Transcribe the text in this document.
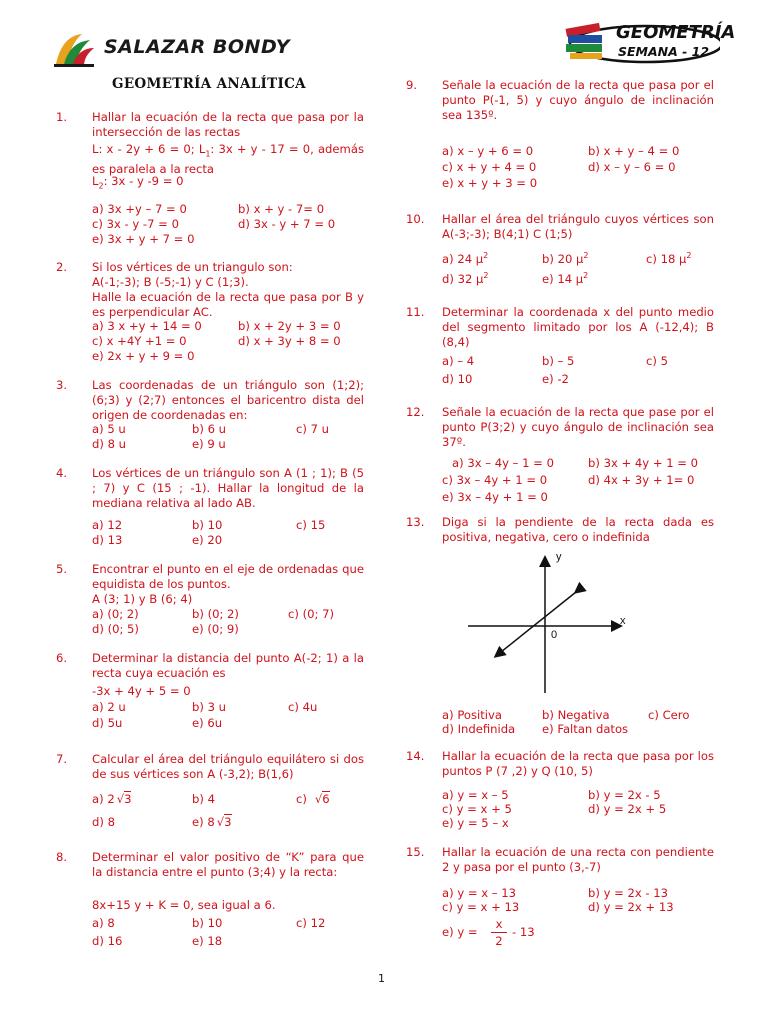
SALAZAR BONDY
GEOMETRÍA
SEMANA - 12
GEOMETRÍA ANALÍTICA
1. Hallar la ecuación de la recta que pasa por la intersección de las rectas
L: x - 2y + 6 = 0; $L_1$: 3x + y - 17 = 0, además es paralela a la recta
$L_2$: 3x - y -9 = 0
a) 3x +y – 7 = 0	b) x + y - 7= 0
c) 3x - y -7 = 0	d) 3x - y + 7 = 0
e) 3x + y + 7 = 0
2. Si los vértices de un triangulo son:
A(-1;-3); B (-5;-1) y C (1;3).
Halle la ecuación de la recta que pasa por B y es perpendicular AC.
a) 3 x +y + 14 = 0	b) x + 2y + 3 = 0
c) x +4Y +1 = 0	d) x + 3y + 8 = 0
e) 2x + y + 9 = 0
3. Las coordenadas de un triángulo son (1;2); (6;3) y (2;7) entonces el baricentro dista del origen de coordenadas en:
a) 5 u	b) 6 u	c) 7 u
d) 8 u	e) 9 u
4. Los vértices de un triángulo son A (1 ; 1); B (5 ; 7) y C (15 ; -1). Hallar la longitud de la mediana relativa al lado AB.
a) 12	b) 10	c) 15
d) 13	e) 20
5. Encontrar el punto en el eje de ordenadas que equidista de los puntos.
A (3; 1) y B (6; 4)
a) (0; 2)	b) (0; 2)	c) (0; 7)
d) (0; 5)	e) (0; 9)
6. Determinar la distancia del punto A(-2; 1) a la recta cuya ecuación es
-3x + 4y + 5 = 0
a) 2 u	b) 3 u	c) 4u
d) 5u	e) 6u
7. Calcular el área del triángulo equilátero si dos de sus vértices son A (-3,2); B(1,6)
a) 2 √3	b) 4	c) √6
d) 8	e) 8 √3
8. Determinar el valor positivo de “K” para que la distancia entre el punto (3;4) y la recta:
8x+15 y + K = 0, sea igual a 6.
a) 8	b) 10	c) 12
d) 16	e) 18
9. Señale la ecuación de la recta que pasa por el punto P(-1, 5) y cuyo ángulo de inclinación sea 135º.
a) x – y + 6 = 0	b) x + y – 4 = 0
c) x + y + 4 = 0	d) x – y – 6 = 0
e) x + y + 3 = 0
10. Hallar el área del triángulo cuyos vértices son A(-3;-3); B(4;1) C (1;5)
a) 24 $\mu^2$	b) 20 $\mu^2$	c) 18 $\mu^2$
d) 32 $\mu^2$	e) 14 $\mu^2$
11. Determinar la coordenada x del punto medio del segmento limitado por los A (-12,4); B (8,4)
a) – 4	b) – 5	c) 5
d) 10	e) -2
12. Señale la ecuación de la recta que pase por el punto P(3;2) y cuyo ángulo de inclinación sea 37º.
a) 3x – 4y – 1 = 0	b) 3x + 4y + 1 = 0
c) 3x – 4y + 1 = 0	d) 4x + 3y + 1= 0
e) 3x – 4y + 1 = 0
13. Diga si la pendiente de la recta dada es positiva, negativa, cero o indefinida
y
x
0
a) Positiva	b) Negativa	c) Cero
d) Indefinida e) Faltan datos
14. Hallar la ecuación de la recta que pasa por los puntos P (7 ,2) y Q (10, 5)
a) y = x – 5	b) y = 2x - 5
c) y = x + 5	d) y = 2x + 5
e) y = 5 – x
15. Hallar la ecuación de una recta con pendiente 2 y pasa por el punto (3,-7)
a) y = x – 13	b) y = 2x - 13
c) y = x + 13	d) y = 2x + 13
e) y =
x
2
- 13
1
